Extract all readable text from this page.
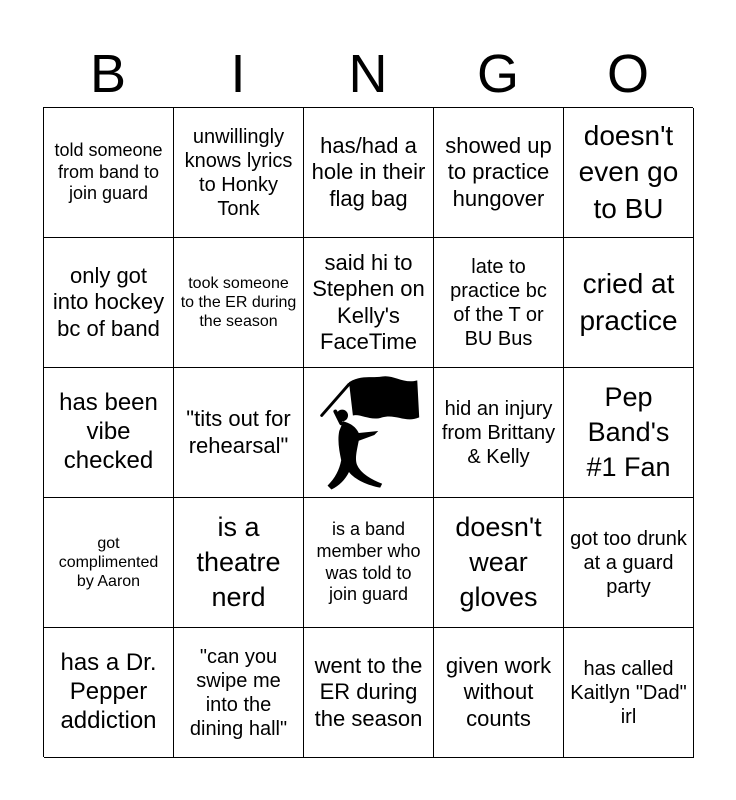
B	I	N	G	O
told someone from band to join guard
unwillingly knows lyrics to Honky Tonk
has/had a hole in their flag bag
showed up to practice hungover
doesn't even go to BU
only got into hockey bc of band
took someone to the ER during the season
said hi to Stephen on Kelly's FaceTime
late to practice bc of the T or BU Bus
cried at practice
has been vibe checked
"tits out for rehearsal"
hid an injury from Brittany & Kelly
Pep Band's #1 Fan
got complimented by Aaron
is a theatre nerd
is a band member who was told to join guard
doesn't wear gloves
got too drunk at a guard party
has a Dr. Pepper addiction
"can you swipe me into the dining hall"
went to the ER during the season
given work without counts
has called Kaitlyn "Dad" irl
